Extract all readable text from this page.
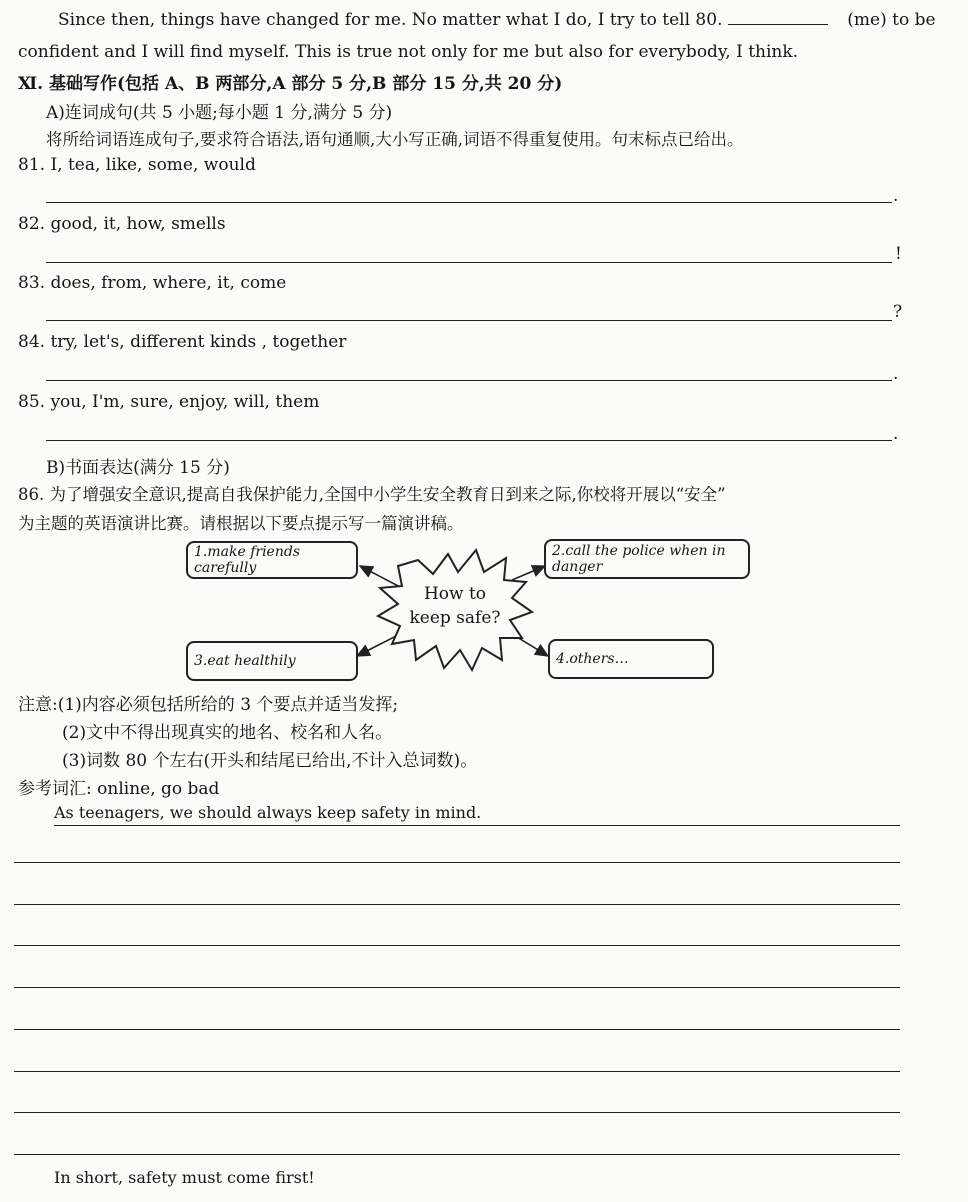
Since then, things have changed for me. No matter what I do, I try to tell 80.	(me) to be
confident and I will find myself. This is true not only for me but also for everybody, I think.
Ⅺ. 基础写作(包括 A、B 两部分,A 部分 5 分,B 部分 15 分,共 20 分)
A)连词成句(共 5 小题;每小题 1 分,满分 5 分)
将所给词语连成句子,要求符合语法,语句通顺,大小写正确,词语不得重复使用。句末标点已给出。
81. I, tea, like, some, would
.
82. good, it, how, smells
!
83. does, from, where, it, come
?
84. try, let's, different kinds , together
.
85. you, I'm, sure, enjoy, will, them
.
B)书面表达(满分 15 分)
86. 为了增强安全意识,提高自我保护能力,全国中小学生安全教育日到来之际,你校将开展以“安全”
为主题的英语演讲比赛。请根据以下要点提示写一篇演讲稿。
How to
keep safe?
1.make friends carefully
2.call the police when in danger
3.eat healthily	4.others…
注意:(1)内容必须包括所给的 3 个要点并适当发挥;
(2)文中不得出现真实的地名、校名和人名。
(3)词数 80 个左右(开头和结尾已给出,不计入总词数)。
参考词汇: online, go bad
As teenagers, we should always keep safety in mind.
In short, safety must come first!
